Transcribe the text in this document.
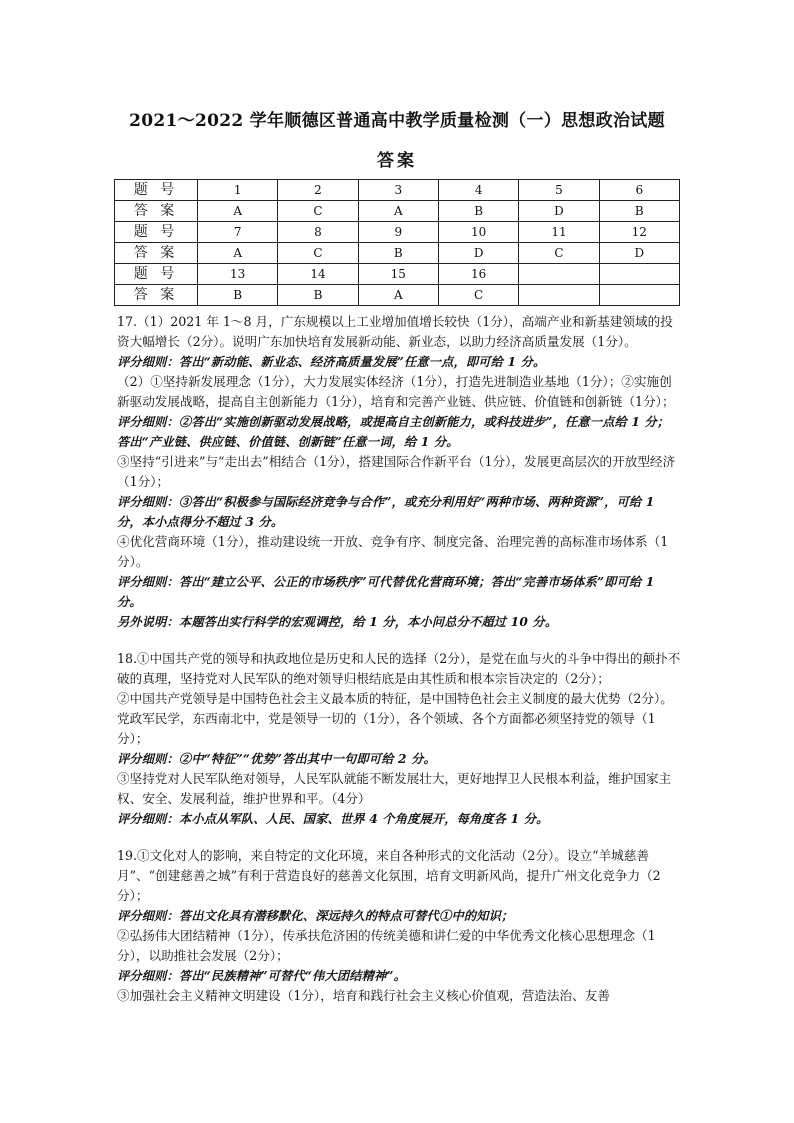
2021～2022 学年顺德区普通高中教学质量检测（一）思想政治试题
答案
题 号	1	2	3	4	5	6
答 案	A	C	A	B	D	B
题 号	7	8	9	10	11	12
答 案	A	C	B	D	C	D
题 号	13	14	15	16		
答 案	B	B	A	C		

17.（1）2021 年 1～8 月，广东规模以上工业增加值增长较快（1分），高端产业和新基建领域的投资大幅增长（2分）。说明广东加快培育发展新动能、新业态，以助力经济高质量发展（1分）。

评分细则：答出“新动能、新业态、经济高质量发展”任意一点，即可给 1 分。

（2）①坚持新发展理念（1分），大力发展实体经济（1分），打造先进制造业基地（1分）；②实施创新驱动发展战略，提高自主创新能力（1分），培育和完善产业链、供应链、价值链和创新链（1分）；

评分细则：②答出“实施创新驱动发展战略，或提高自主创新能力，或科技进步”，任意一点给 1 分；答出“产业链、供应链、价值链、创新链”任意一词，给 1 分。

③坚持“引进来”与“走出去”相结合（1分），搭建国际合作新平台（1分），发展更高层次的开放型经济（1分）；

评分细则：③答出“积极参与国际经济竞争与合作”，或充分利用好“两种市场、两种资源”，可给 1 分，本小点得分不超过 3 分。

④优化营商环境（1分），推动建设统一开放、竞争有序、制度完备、治理完善的高标准市场体系（1分）。

评分细则：答出“建立公平、公正的市场秩序”可代替优化营商环境；答出“完善市场体系”即可给 1 分。

另外说明：本题答出实行科学的宏观调控，给 1 分，本小问总分不超过 10 分。

18.①中国共产党的领导和执政地位是历史和人民的选择（2分），是党在血与火的斗争中得出的颠扑不破的真理，坚持党对人民军队的绝对领导归根结底是由其性质和根本宗旨决定的（2分）；

②中国共产党领导是中国特色社会主义最本质的特征，是中国特色社会主义制度的最大优势（2分）。党政军民学，东西南北中，党是领导一切的（1分），各个领域、各个方面都必须坚持党的领导（1分）；

评分细则：②中“特征”“优势”答出其中一句即可给 2 分。

③坚持党对人民军队绝对领导，人民军队就能不断发展壮大，更好地捍卫人民根本利益，维护国家主权、安全、发展利益，维护世界和平。（4分）

评分细则：本小点从军队、人民、国家、世界 4 个角度展开，每角度各 1 分。

19.①文化对人的影响，来自特定的文化环境，来自各种形式的文化活动（2分）。设立“羊城慈善月”、“创建慈善之城”有利于营造良好的慈善文化氛围，培育文明新风尚，提升广州文化竞争力（2分）；

评分细则：答出文化具有潜移默化、深远持久的特点可替代①中的知识；

②弘扬伟大团结精神（1分），传承扶危济困的传统美德和讲仁爱的中华优秀文化核心思想理念（1分），以助推社会发展（2分）；

评分细则：答出“民族精神”可替代“伟大团结精神”。

③加强社会主义精神文明建设（1分），培育和践行社会主义核心价值观，营造法治、友善
